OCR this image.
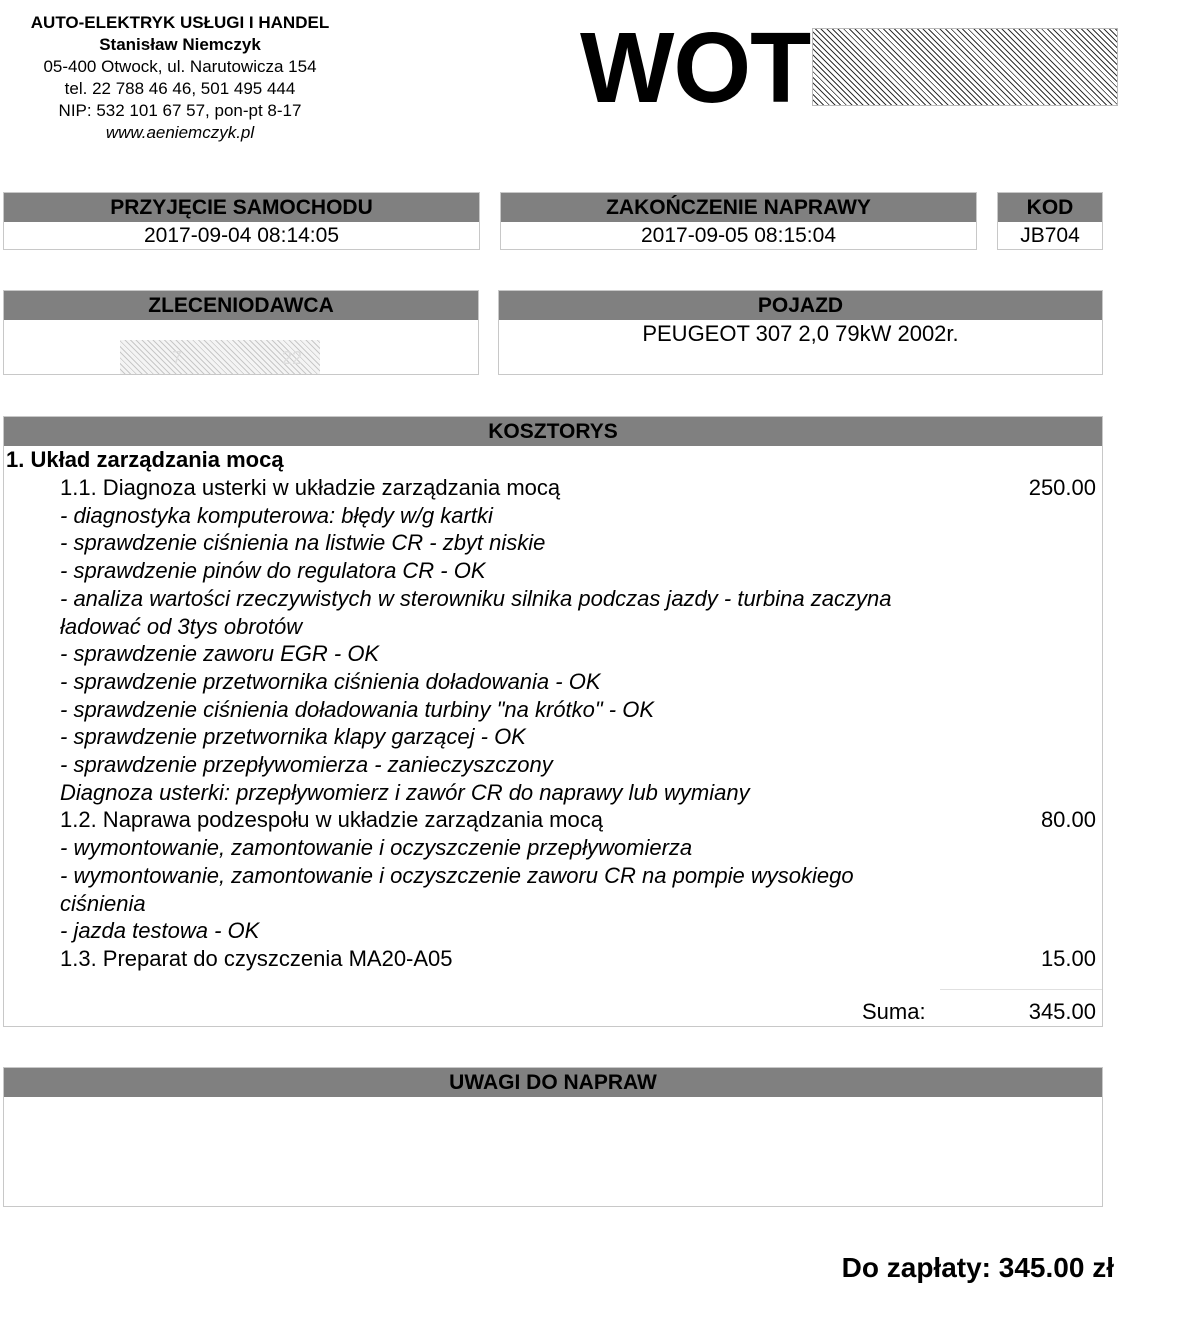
AUTO-ELEKTRYK USŁUGI I HANDEL
Stanisław Niemczyk
05-400 Otwock, ul. Narutowicza 154
tel. 22 788 46 46, 501 495 444
NIP: 532 101 67 57, pon-pt 8-17
www.aeniemczyk.pl
WOT
PRZYJĘCIE SAMOCHODU
2017-09-04 08:14:05
ZAKOŃCZENIE NAPRAWY
2017-09-05 08:15:04
KOD
JB704
ZLECENIODAWCA
7	22
POJAZD
PEUGEOT 307 2,0 79kW 2002r.
KOSZTORYS
1. Układ zarządzania mocą
1.1. Diagnoza usterki w układzie zarządzania mocą	250.00
- diagnostyka komputerowa: błędy w/g kartki
- sprawdzenie ciśnienia na listwie CR - zbyt niskie
- sprawdzenie pinów do regulatora CR - OK
- analiza wartości rzeczywistych w sterowniku silnika podczas jazdy - turbina zaczyna ładować od 3tys obrotów
- sprawdzenie zaworu EGR - OK
- sprawdzenie przetwornika ciśnienia doładowania - OK
- sprawdzenie ciśnienia doładowania turbiny "na krótko" - OK
- sprawdzenie przetwornika klapy garzącej - OK
- sprawdzenie przepływomierza - zanieczyszczony
Diagnoza usterki: przepływomierz i zawór CR do naprawy lub wymiany
1.2. Naprawa podzespołu w układzie zarządzania mocą	80.00
- wymontowanie, zamontowanie i oczyszczenie przepływomierza
- wymontowanie, zamontowanie i oczyszczenie zaworu CR na pompie wysokiego ciśnienia
- jazda testowa - OK
1.3. Preparat do czyszczenia MA20-A05	15.00
Suma:	345.00
UWAGI DO NAPRAW
Do zapłaty: 345.00 zł
